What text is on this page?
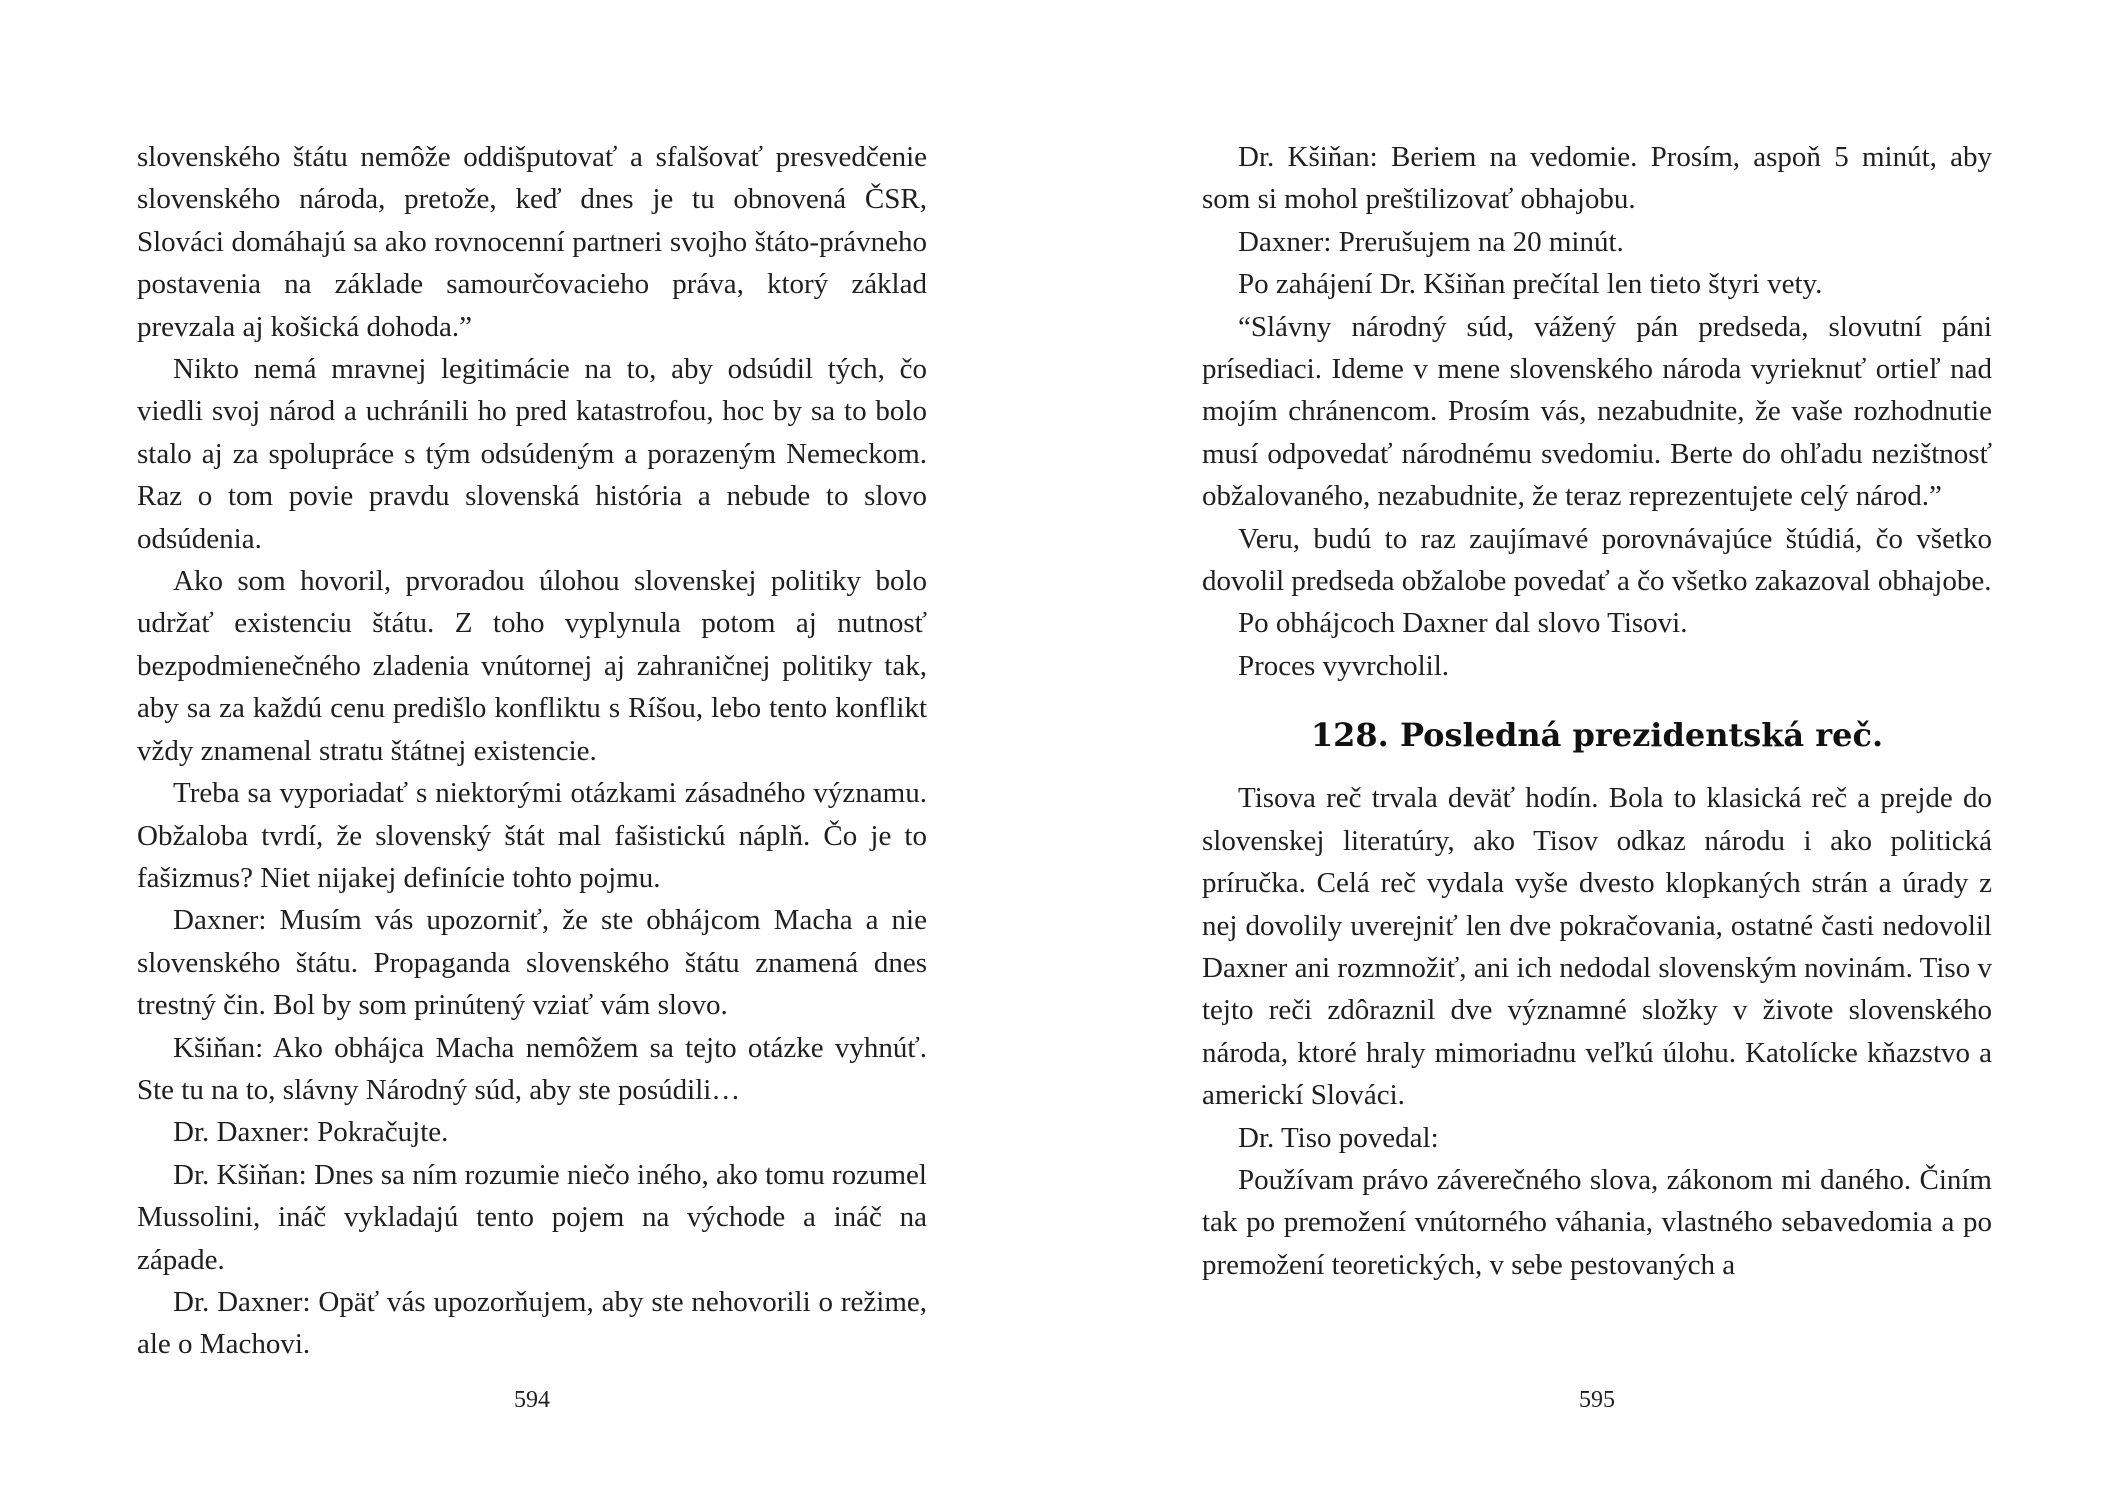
slovenského štátu nemôže oddišputovať a sfalšovať presvedčenie slovenského národa, pretože, keď dnes je tu obnovená ČSR, Slováci domáhajú sa ako rovnocenní partneri svojho štáto-právneho postavenia na základe samourčovacieho práva, ktorý základ prevzala aj košická dohoda.”

Nikto nemá mravnej legitimácie na to, aby odsúdil tých, čo viedli svoj národ a uchránili ho pred katastrofou, hoc by sa to bolo stalo aj za spolupráce s tým odsúdeným a porazeným Nemeckom. Raz o tom povie pravdu slovenská história a nebude to slovo odsúdenia.

Ako som hovoril, prvoradou úlohou slovenskej politiky bolo udržať existenciu štátu. Z toho vyplynula potom aj nutnosť bezpodmienečného zladenia vnútornej aj zahraničnej politiky tak, aby sa za každú cenu predišlo konfliktu s Ríšou, lebo tento konflikt vždy znamenal stratu štátnej existencie.

Treba sa vyporiadať s niektorými otázkami zásadného významu. Obžaloba tvrdí, že slovenský štát mal fašistickú náplň. Čo je to fašizmus? Niet nijakej definície tohto pojmu.

Daxner: Musím vás upozorniť, že ste obhájcom Macha a nie slovenského štátu. Propaganda slovenského štátu znamená dnes trestný čin. Bol by som prinútený vziať vám slovo.

Kšiňan: Ako obhájca Macha nemôžem sa tejto otázke vyhnúť. Ste tu na to, slávny Národný súd, aby ste posúdili…

Dr. Daxner: Pokračujte.

Dr. Kšiňan: Dnes sa ním rozumie niečo iného, ako tomu rozumel Mussolini, ináč vykladajú tento pojem na východe a ináč na západe.

Dr. Daxner: Opäť vás upozorňujem, aby ste nehovorili o režime, ale o Machovi.

594

Dr. Kšiňan: Beriem na vedomie. Prosím, aspoň 5 minút, aby som si mohol preštilizovať obhajobu.

Daxner: Prerušujem na 20 minút.

Po zahájení Dr. Kšiňan prečítal len tieto štyri vety.

“Slávny národný súd, vážený pán predseda, slovutní páni prísediaci. Ideme v mene slovenského národa vyrieknuť ortieľ nad mojím chránencom. Prosím vás, nezabudnite, že vaše rozhodnutie musí odpovedať národnému svedomiu. Berte do ohľadu nezištnosť obžalovaného, nezabudnite, že teraz reprezentujete celý národ.”

Veru, budú to raz zaujímavé porovnávajúce štúdiá, čo všetko dovolil predseda obžalobe povedať a čo všetko zakazoval obhajobe.

Po obhájcoch Daxner dal slovo Tisovi.

Proces vyvrcholil.

128. Posledná prezidentská reč.

Tisova reč trvala deväť hodín. Bola to klasická reč a prejde do slovenskej literatúry, ako Tisov odkaz národu i ako politická príručka. Celá reč vydala vyše dvesto klopkaných strán a úrady z nej dovolily uverejniť len dve pokračovania, ostatné časti nedovolil Daxner ani rozmnožiť, ani ich nedodal slovenským novinám. Tiso v tejto reči zdôraznil dve významné složky v živote slovenského národa, ktoré hraly mimoriadnu veľkú úlohu. Katolícke kňazstvo a americkí Slováci.

Dr. Tiso povedal:

Používam právo záverečného slova, zákonom mi daného. Činím tak po premožení vnútorného váhania, vlastného sebavedomia a po premožení teoretických, v sebe pestovaných a

595
